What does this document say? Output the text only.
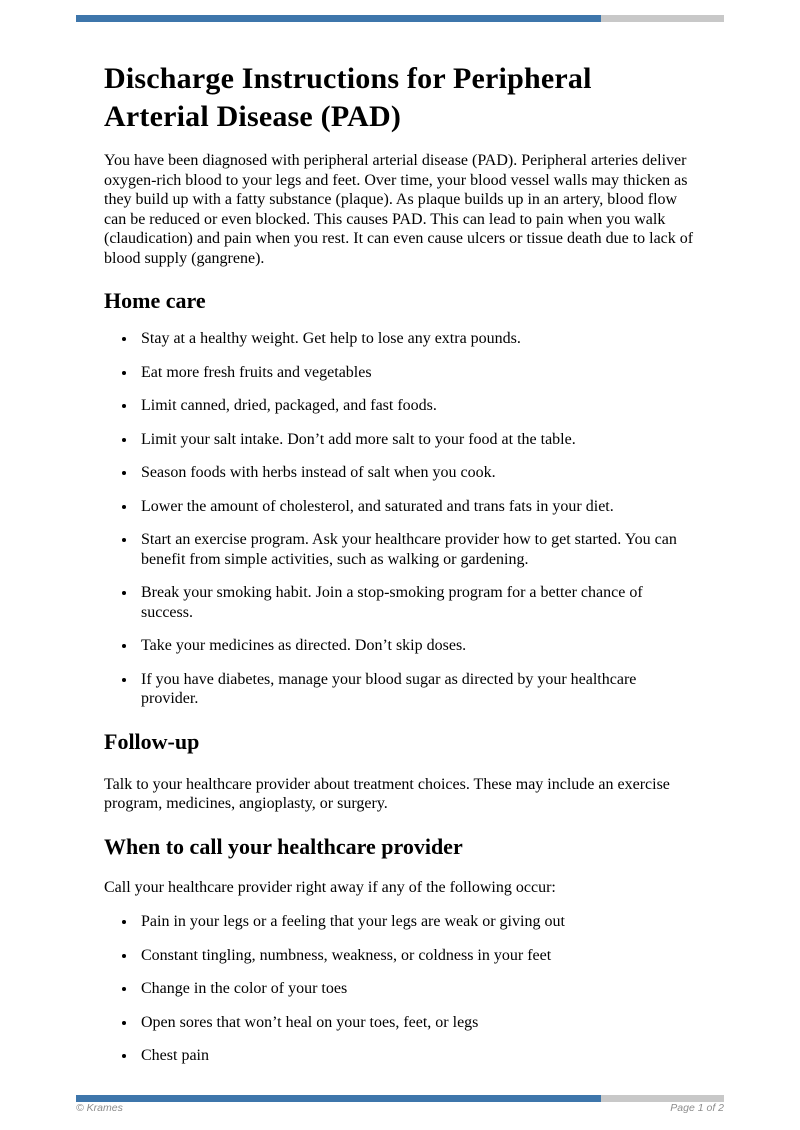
Discharge Instructions for Peripheral Arterial Disease (PAD)

You have been diagnosed with peripheral arterial disease (PAD). Peripheral arteries deliver oxygen-rich blood to your legs and feet. Over time, your blood vessel walls may thicken as they build up with a fatty substance (plaque). As plaque builds up in an artery, blood flow can be reduced or even blocked. This causes PAD. This can lead to pain when you walk (claudication) and pain when you rest. It can even cause ulcers or tissue death due to lack of blood supply (gangrene).

Home care
• Stay at a healthy weight. Get help to lose any extra pounds.
• Eat more fresh fruits and vegetables
• Limit canned, dried, packaged, and fast foods.
• Limit your salt intake. Don’t add more salt to your food at the table.
• Season foods with herbs instead of salt when you cook.
• Lower the amount of cholesterol, and saturated and trans fats in your diet.
• Start an exercise program. Ask your healthcare provider how to get started. You can benefit from simple activities, such as walking or gardening.
• Break your smoking habit. Join a stop-smoking program for a better chance of success.
• Take your medicines as directed. Don’t skip doses.
• If you have diabetes, manage your blood sugar as directed by your healthcare provider.
Follow-up

Talk to your healthcare provider about treatment choices. These may include an exercise program, medicines, angioplasty, or surgery.

When to call your healthcare provider

Call your healthcare provider right away if any of the following occur:

• Pain in your legs or a feeling that your legs are weak or giving out
• Constant tingling, numbness, weakness, or coldness in your feet
• Change in the color of your toes
• Open sores that won’t heal on your toes, feet, or legs
• Chest pain
© Krames	Page 1 of 2
